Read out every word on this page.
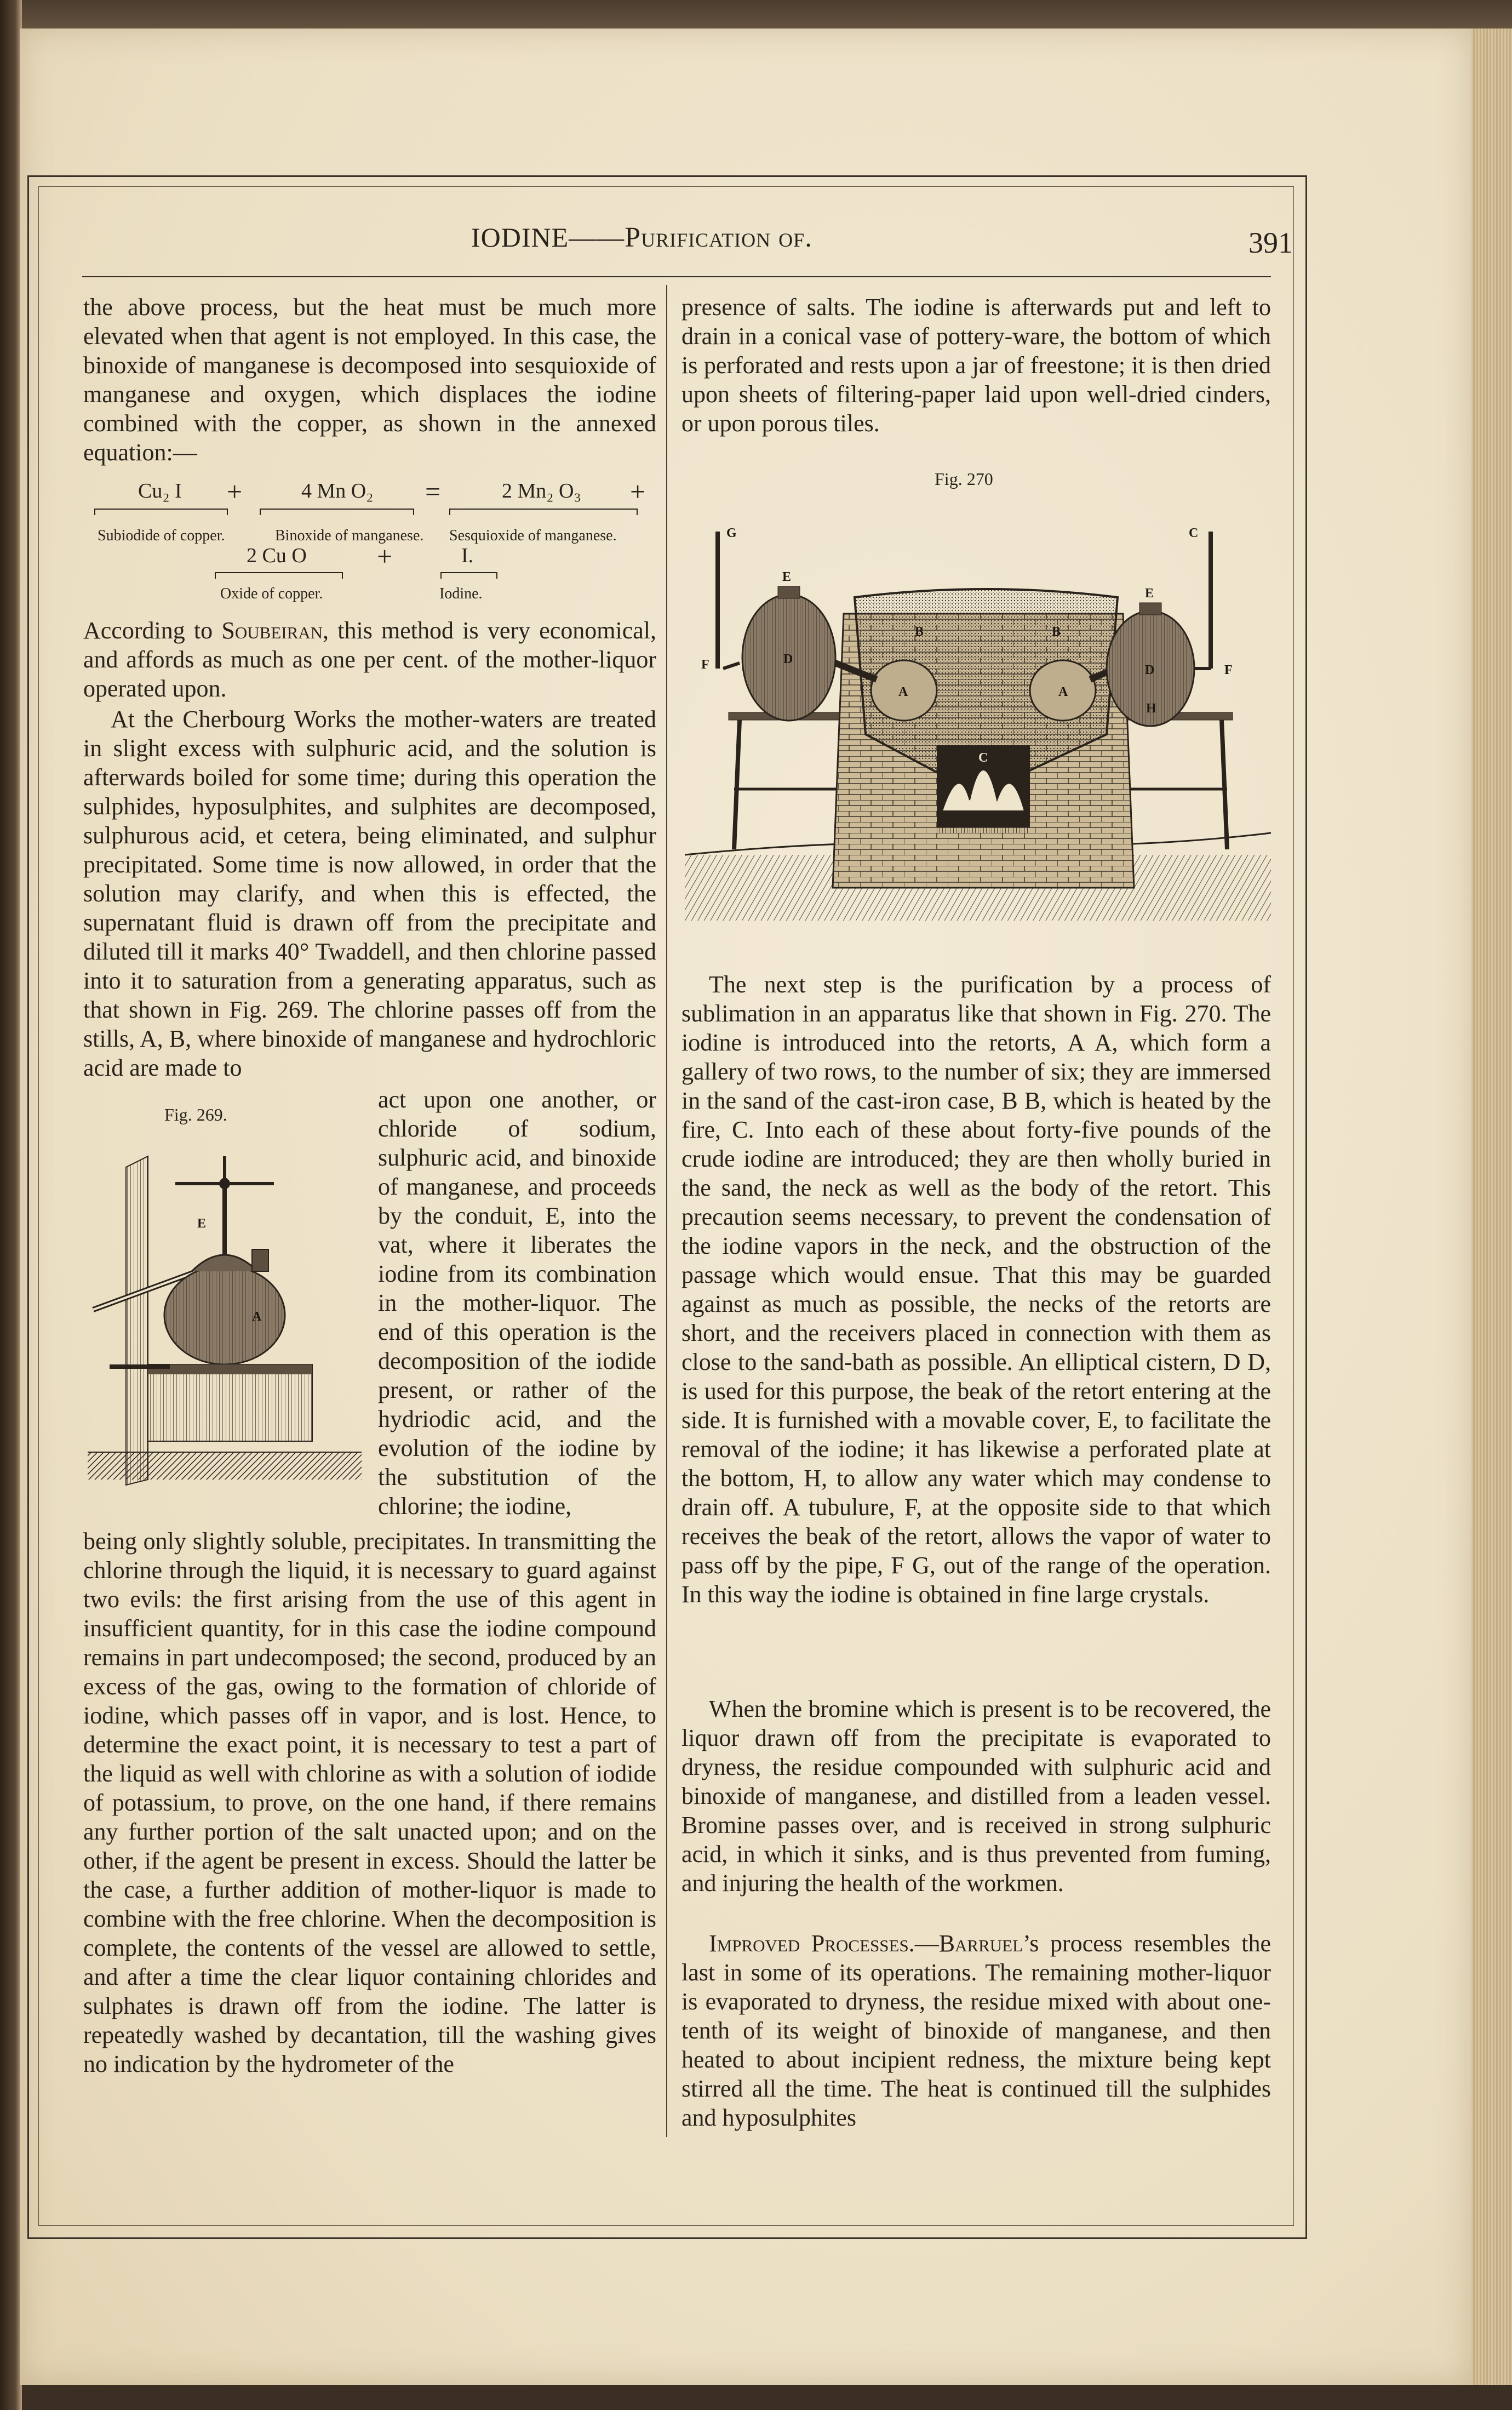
IODINE——Purification of.	391

the above process, but the heat must be much more elevated when that agent is not employed. In this case, the binoxide of manganese is decomposed into sesquioxide of manganese and oxygen, which displaces the iodine combined with the copper, as shown in the annexed equation:—

Cu₂ I +	4 Mn O₂ =	2 Mn₂ O₃ +
Subiodide of copper.	Binoxide of manganese. Sesquioxide of manganese.
2 Cu O	+	I.
Oxide of copper.	Iodine.

According to Soubeiran, this method is very economical, and affords as much as one per cent. of the mother-liquor operated upon.

At the Cherbourg Works the mother-waters are treated in slight excess with sulphuric acid, and the solution is afterwards boiled for some time; during this operation the sulphides, hyposulphites, and sulphites are decomposed, sulphurous acid, et cetera, being eliminated, and sulphur precipitated. Some time is now allowed, in order that the solution may clarify, and when this is effected, the supernatant fluid is drawn off from the precipitate and diluted till it marks 40° Twaddell, and then chlorine passed into it to saturation from a generating apparatus, such as that shown in Fig. 269. The chlorine passes off from the stills, A, B, where binoxide of manganese and hydrochloric acid are made to

Fig. 269.
E
A

act upon one another, or chloride of sodium, sulphuric acid, and binoxide of manganese, and proceeds by the conduit, E, into the vat, where it liberates the iodine from its combination in the mother-liquor. The end of this operation is the decomposition of the iodide present, or rather of the hydriodic acid, and the evolution of the iodine by the substitution of the chlorine; the iodine,

being only slightly soluble, precipitates. In transmitting the chlorine through the liquid, it is necessary to guard against two evils: the first arising from the use of this agent in insufficient quantity, for in this case the iodine compound remains in part undecomposed; the second, produced by an excess of the gas, owing to the formation of chloride of iodine, which passes off in vapor, and is lost. Hence, to determine the exact point, it is necessary to test a part of the liquid as well with chlorine as with a solution of iodide of potassium, to prove, on the one hand, if there remains any further portion of the salt unacted upon; and on the other, if the agent be present in excess. Should the latter be the case, a further addition of mother-liquor is made to combine with the free chlorine. When the decomposition is complete, the contents of the vessel are allowed to settle, and after a time the clear liquor containing chlorides and sulphates is drawn off from the iodine. The latter is repeatedly washed by decantation, till the washing gives no indication by the hydrometer of the

presence of salts. The iodine is afterwards put and left to drain in a conical vase of pottery-ware, the bottom of which is perforated and rests upon a jar of freestone; it is then dried upon sheets of filtering-paper laid upon well-dried cinders, or upon porous tiles.

Fig. 270
G	C
E
E
D
D
F	F
B	B
A	A
H
C

The next step is the purification by a process of sublimation in an apparatus like that shown in Fig. 270. The iodine is introduced into the retorts, A A, which form a gallery of two rows, to the number of six; they are immersed in the sand of the cast-iron case, B B, which is heated by the fire, C. Into each of these about forty-five pounds of the crude iodine are introduced; they are then wholly buried in the sand, the neck as well as the body of the retort. This precaution seems necessary, to prevent the condensation of the iodine vapors in the neck, and the obstruction of the passage which would ensue. That this may be guarded against as much as possible, the necks of the retorts are short, and the receivers placed in connection with them as close to the sand-bath as possible. An elliptical cistern, D D, is used for this purpose, the beak of the retort entering at the side. It is furnished with a movable cover, E, to facilitate the removal of the iodine; it has likewise a perforated plate at the bottom, H, to allow any water which may condense to drain off. A tubulure, F, at the opposite side to that which receives the beak of the retort, allows the vapor of water to pass off by the pipe, F G, out of the range of the operation. In this way the iodine is obtained in fine large crystals.

When the bromine which is present is to be recovered, the liquor drawn off from the precipitate is evaporated to dryness, the residue compounded with sulphuric acid and binoxide of manganese, and distilled from a leaden vessel. Bromine passes over, and is received in strong sulphuric acid, in which it sinks, and is thus prevented from fuming, and injuring the health of the workmen.

Improved Processes.—Barruel’s process resembles the last in some of its operations. The remaining mother-liquor is evaporated to dryness, the residue mixed with about one-tenth of its weight of binoxide of manganese, and then heated to about incipient redness, the mixture being kept stirred all the time. The heat is continued till the sulphides and hyposulphites
